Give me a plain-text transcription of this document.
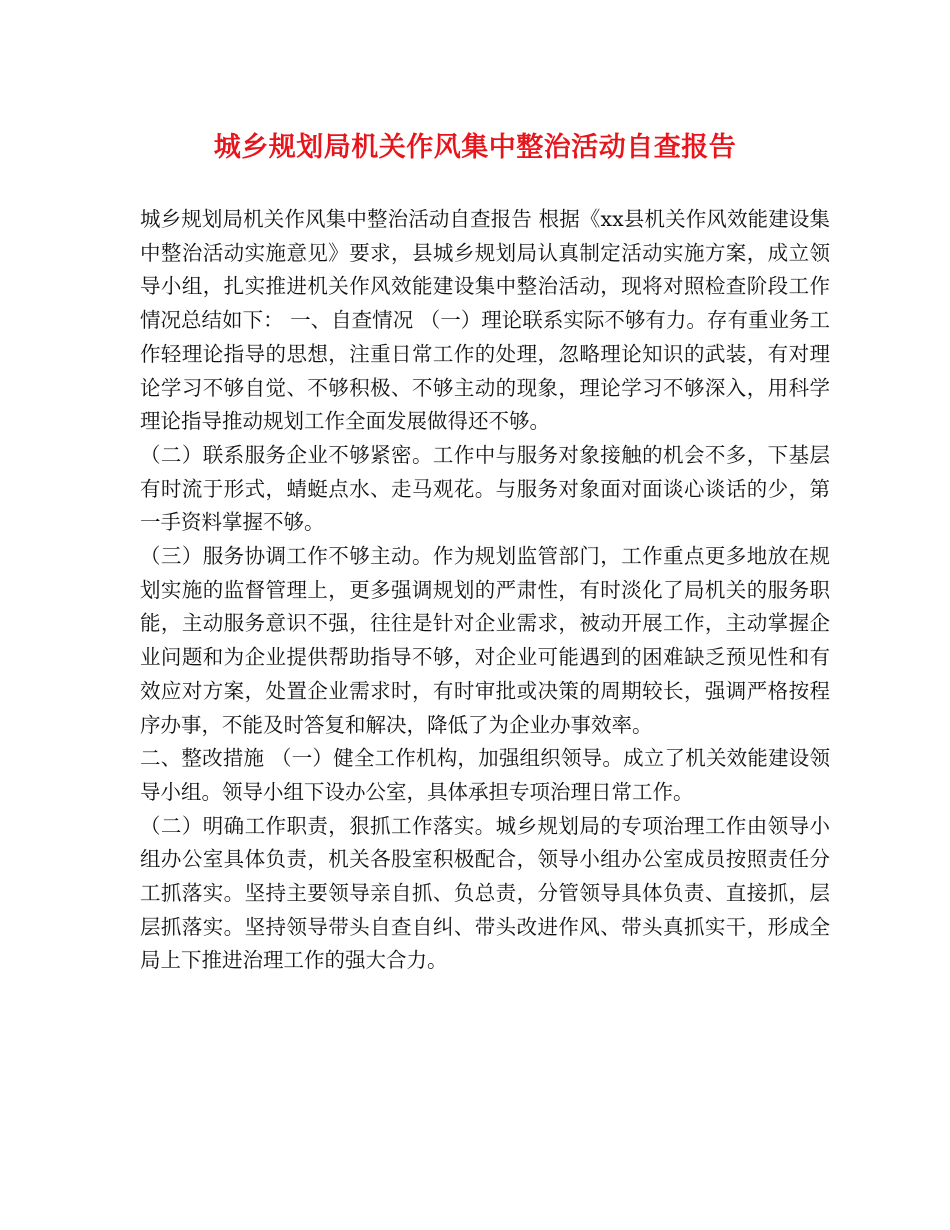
城乡规划局机关作风集中整治活动自查报告

城乡规划局机关作风集中整治活动自查报告 根据《xx县机关作风效能建设集中整治活动实施意见》要求，县城乡规划局认真制定活动实施方案，成立领导小组，扎实推进机关作风效能建设集中整治活动，现将对照检查阶段工作情况总结如下： 一、自查情况 （一）理论联系实际不够有力。存有重业务工作轻理论指导的思想，注重日常工作的处理，忽略理论知识的武装，有对理论学习不够自觉、不够积极、不够主动的现象，理论学习不够深入，用科学理论指导推动规划工作全面发展做得还不够。

（二）联系服务企业不够紧密。工作中与服务对象接触的机会不多，下基层有时流于形式，蜻蜓点水、走马观花。与服务对象面对面谈心谈话的少，第一手资料掌握不够。

（三）服务协调工作不够主动。作为规划监管部门，工作重点更多地放在规划实施的监督管理上，更多强调规划的严肃性，有时淡化了局机关的服务职能，主动服务意识不强，往往是针对企业需求，被动开展工作，主动掌握企业问题和为企业提供帮助指导不够，对企业可能遇到的困难缺乏预见性和有效应对方案，处置企业需求时，有时审批或决策的周期较长，强调严格按程序办事，不能及时答复和解决，降低了为企业办事效率。

二、整改措施 （一）健全工作机构，加强组织领导。成立了机关效能建设领导小组。领导小组下设办公室，具体承担专项治理日常工作。

（二）明确工作职责，狠抓工作落实。城乡规划局的专项治理工作由领导小组办公室具体负责，机关各股室积极配合，领导小组办公室成员按照责任分工抓落实。坚持主要领导亲自抓、负总责，分管领导具体负责、直接抓，层层抓落实。坚持领导带头自查自纠、带头改进作风、带头真抓实干，形成全局上下推进治理工作的强大合力。
